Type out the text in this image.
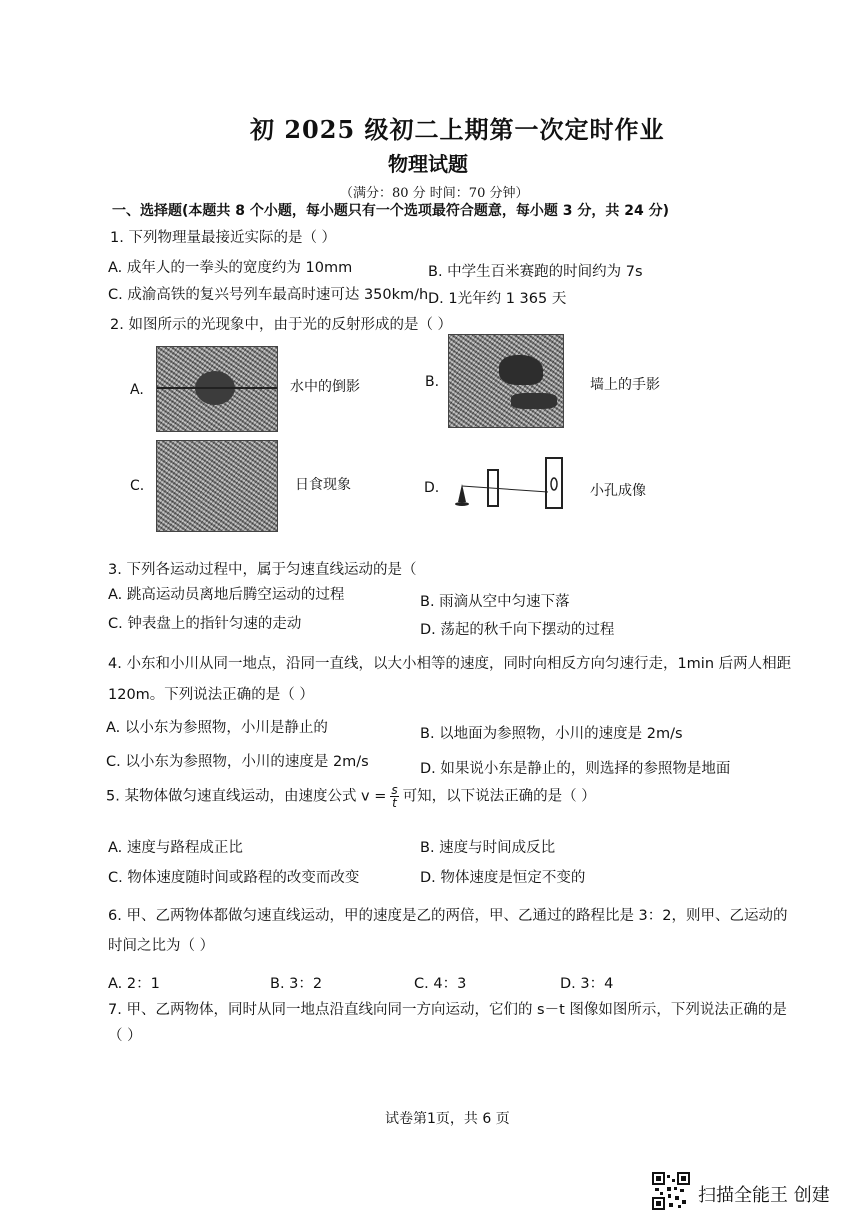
初 2025 级初二上期第一次定时作业
物理试题
（满分：80 分 时间：70 分钟）
一、选择题(本题共 8 个小题，每小题只有一个选项最符合题意，每小题 3 分，共 24 分)
1. 下列物理量最接近实际的是（ ）
A. 成年人的一拳头的宽度约为 10mm	B. 中学生百米赛跑的时间约为 7s
C. 成渝高铁的复兴号列车最高时速可达 350km/h D. 1光年约 1 365 天
2. 如图所示的光现象中，由于光的反射形成的是（ ）
A.	水中的倒影	B.	墙上的手影
C.	日食现象	D.	小孔成像
3. 下列各运动过程中，属于匀速直线运动的是（
A. 跳高运动员离地后腾空运动的过程	B. 雨滴从空中匀速下落
C. 钟表盘上的指针匀速的走动	D. 荡起的秋千向下摆动的过程
4. 小东和小川从同一地点，沿同一直线，以大小相等的速度，同时向相反方向匀速行走，1min 后两人相距
120m。下列说法正确的是（ ）
A. 以小东为参照物，小川是静止的	B. 以地面为参照物，小川的速度是 2m/s
C. 以小东为参照物，小川的速度是 2m/s	D. 如果说小东是静止的，则选择的参照物是地面
5. 某物体做匀速直线运动，由速度公式 $v = \frac{s}{t}$ 可知，以下说法正确的是（ ）
A. 速度与路程成正比	B. 速度与时间成反比
C. 物体速度随时间或路程的改变而改变	D. 物体速度是恒定不变的
6. 甲、乙两物体都做匀速直线运动，甲的速度是乙的两倍，甲、乙通过的路程比是 3：2，则甲、乙运动的
时间之比为（ ）
A. 2：1	B. 3：2	C. 4：3	D. 3：4
7. 甲、乙两物体，同时从同一地点沿直线向同一方向运动，它们的 s－t 图像如图所示，下列说法正确的是
（ ）
试卷第1页，共 6 页
扫描全能王 创建
